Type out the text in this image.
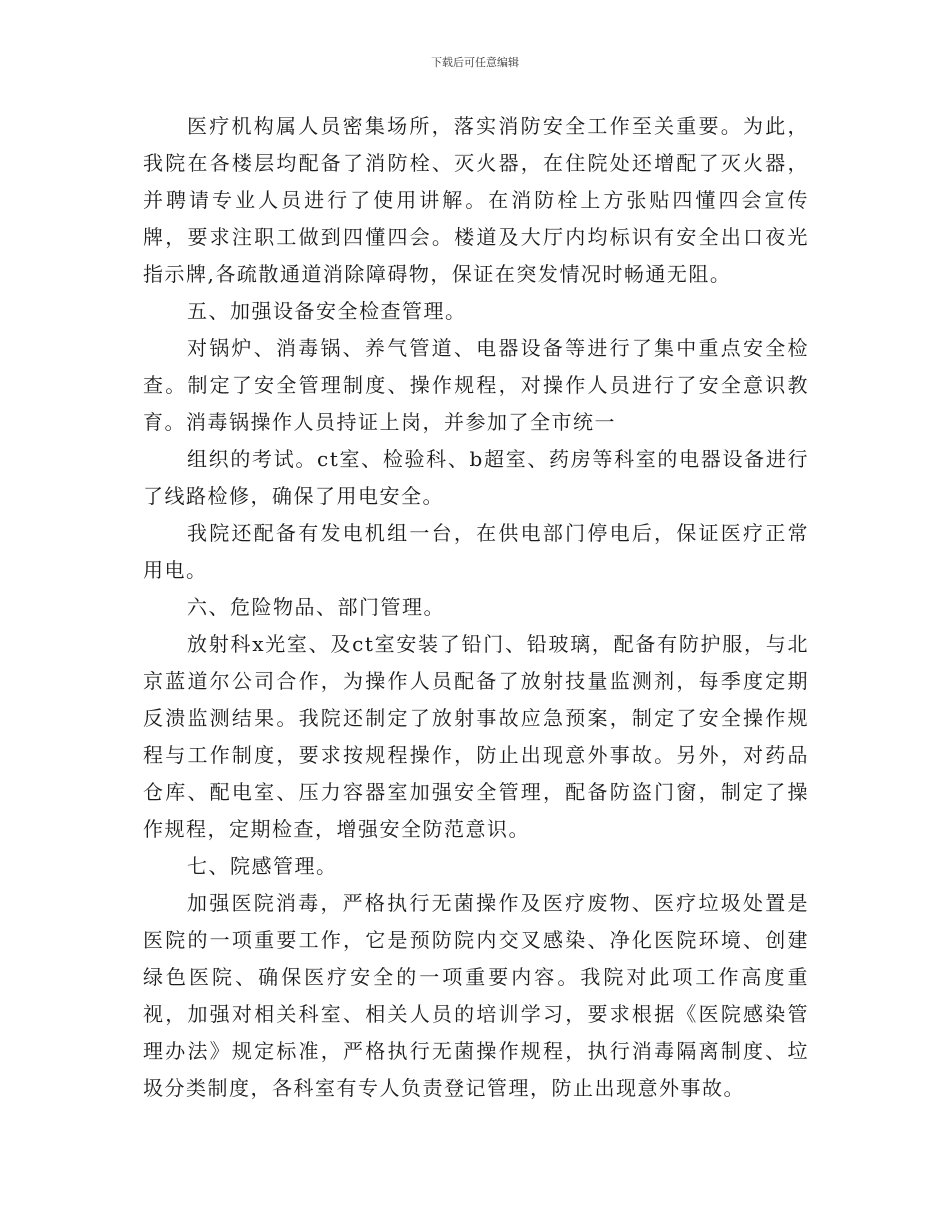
下载后可任意编辑

医疗机构属人员密集场所，落实消防安全工作至关重要。为此，我院在各楼层均配备了消防栓、灭火器，在住院处还增配了灭火器，并聘请专业人员进行了使用讲解。在消防栓上方张贴四懂四会宣传牌，要求注职工做到四懂四会。楼道及大厅内均标识有安全出口夜光指示牌,各疏散通道消除障碍物，保证在突发情况时畅通无阻。

五、加强设备安全检查管理。

对锅炉、消毒锅、养气管道、电器设备等进行了集中重点安全检查。制定了安全管理制度、操作规程，对操作人员进行了安全意识教育。消毒锅操作人员持证上岗，并参加了全市统一

组织的考试。ct室、检验科、b超室、药房等科室的电器设备进行了线路检修，确保了用电安全。

我院还配备有发电机组一台，在供电部门停电后，保证医疗正常用电。

六、危险物品、部门管理。

放射科x光室、及ct室安装了铅门、铅玻璃，配备有防护服，与北京蓝道尔公司合作，为操作人员配备了放射技量监测剂，每季度定期反溃监测结果。我院还制定了放射事故应急预案，制定了安全操作规程与工作制度，要求按规程操作，防止出现意外事故。另外，对药品仓库、配电室、压力容器室加强安全管理，配备防盗门窗，制定了操作规程，定期检查，增强安全防范意识。

七、院感管理。

加强医院消毒，严格执行无菌操作及医疗废物、医疗垃圾处置是医院的一项重要工作，它是预防院内交叉感染、净化医院环境、创建绿色医院、确保医疗安全的一项重要内容。我院对此项工作高度重视，加强对相关科室、相关人员的培训学习，要求根据《医院感染管理办法》规定标准，严格执行无菌操作规程，执行消毒隔离制度、垃圾分类制度，各科室有专人负责登记管理，防止出现意外事故。
